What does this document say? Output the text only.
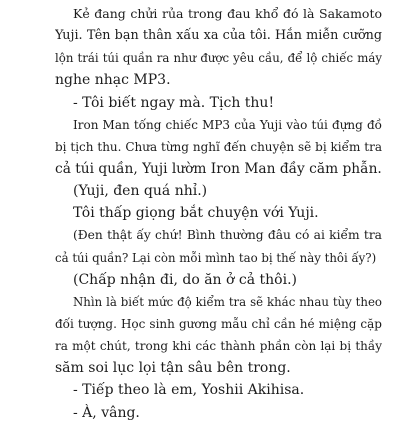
Kẻ đang chửi rủa trong đau khổ đó là Sakamoto
Yuji. Tên bạn thân xấu xa của tôi. Hắn miễn cưỡng
lộn trái túi quần ra như được yêu cầu, để lộ chiếc máy
nghe nhạc MP3.
- Tôi biết ngay mà. Tịch thu!
Iron Man tống chiếc MP3 của Yuji vào túi đựng đồ
bị tịch thu. Chưa từng nghĩ đến chuyện sẽ bị kiểm tra
cả túi quần, Yuji lườm Iron Man đầy căm phẫn.
(Yuji, đen quá nhỉ.)
Tôi thấp giọng bắt chuyện với Yuji.
(Đen thật ấy chứ! Bình thường đâu có ai kiểm tra
cả túi quần? Lại còn mỗi mình tao bị thế này thôi ấy?)
(Chấp nhận đi, do ăn ở cả thôi.)
Nhìn là biết mức độ kiểm tra sẽ khác nhau tùy theo
đối tượng. Học sinh gương mẫu chỉ cần hé miệng cặp
ra một chút, trong khi các thành phần còn lại bị thầy
săm soi lục lọi tận sâu bên trong.
- Tiếp theo là em, Yoshii Akihisa.
- À, vâng.
